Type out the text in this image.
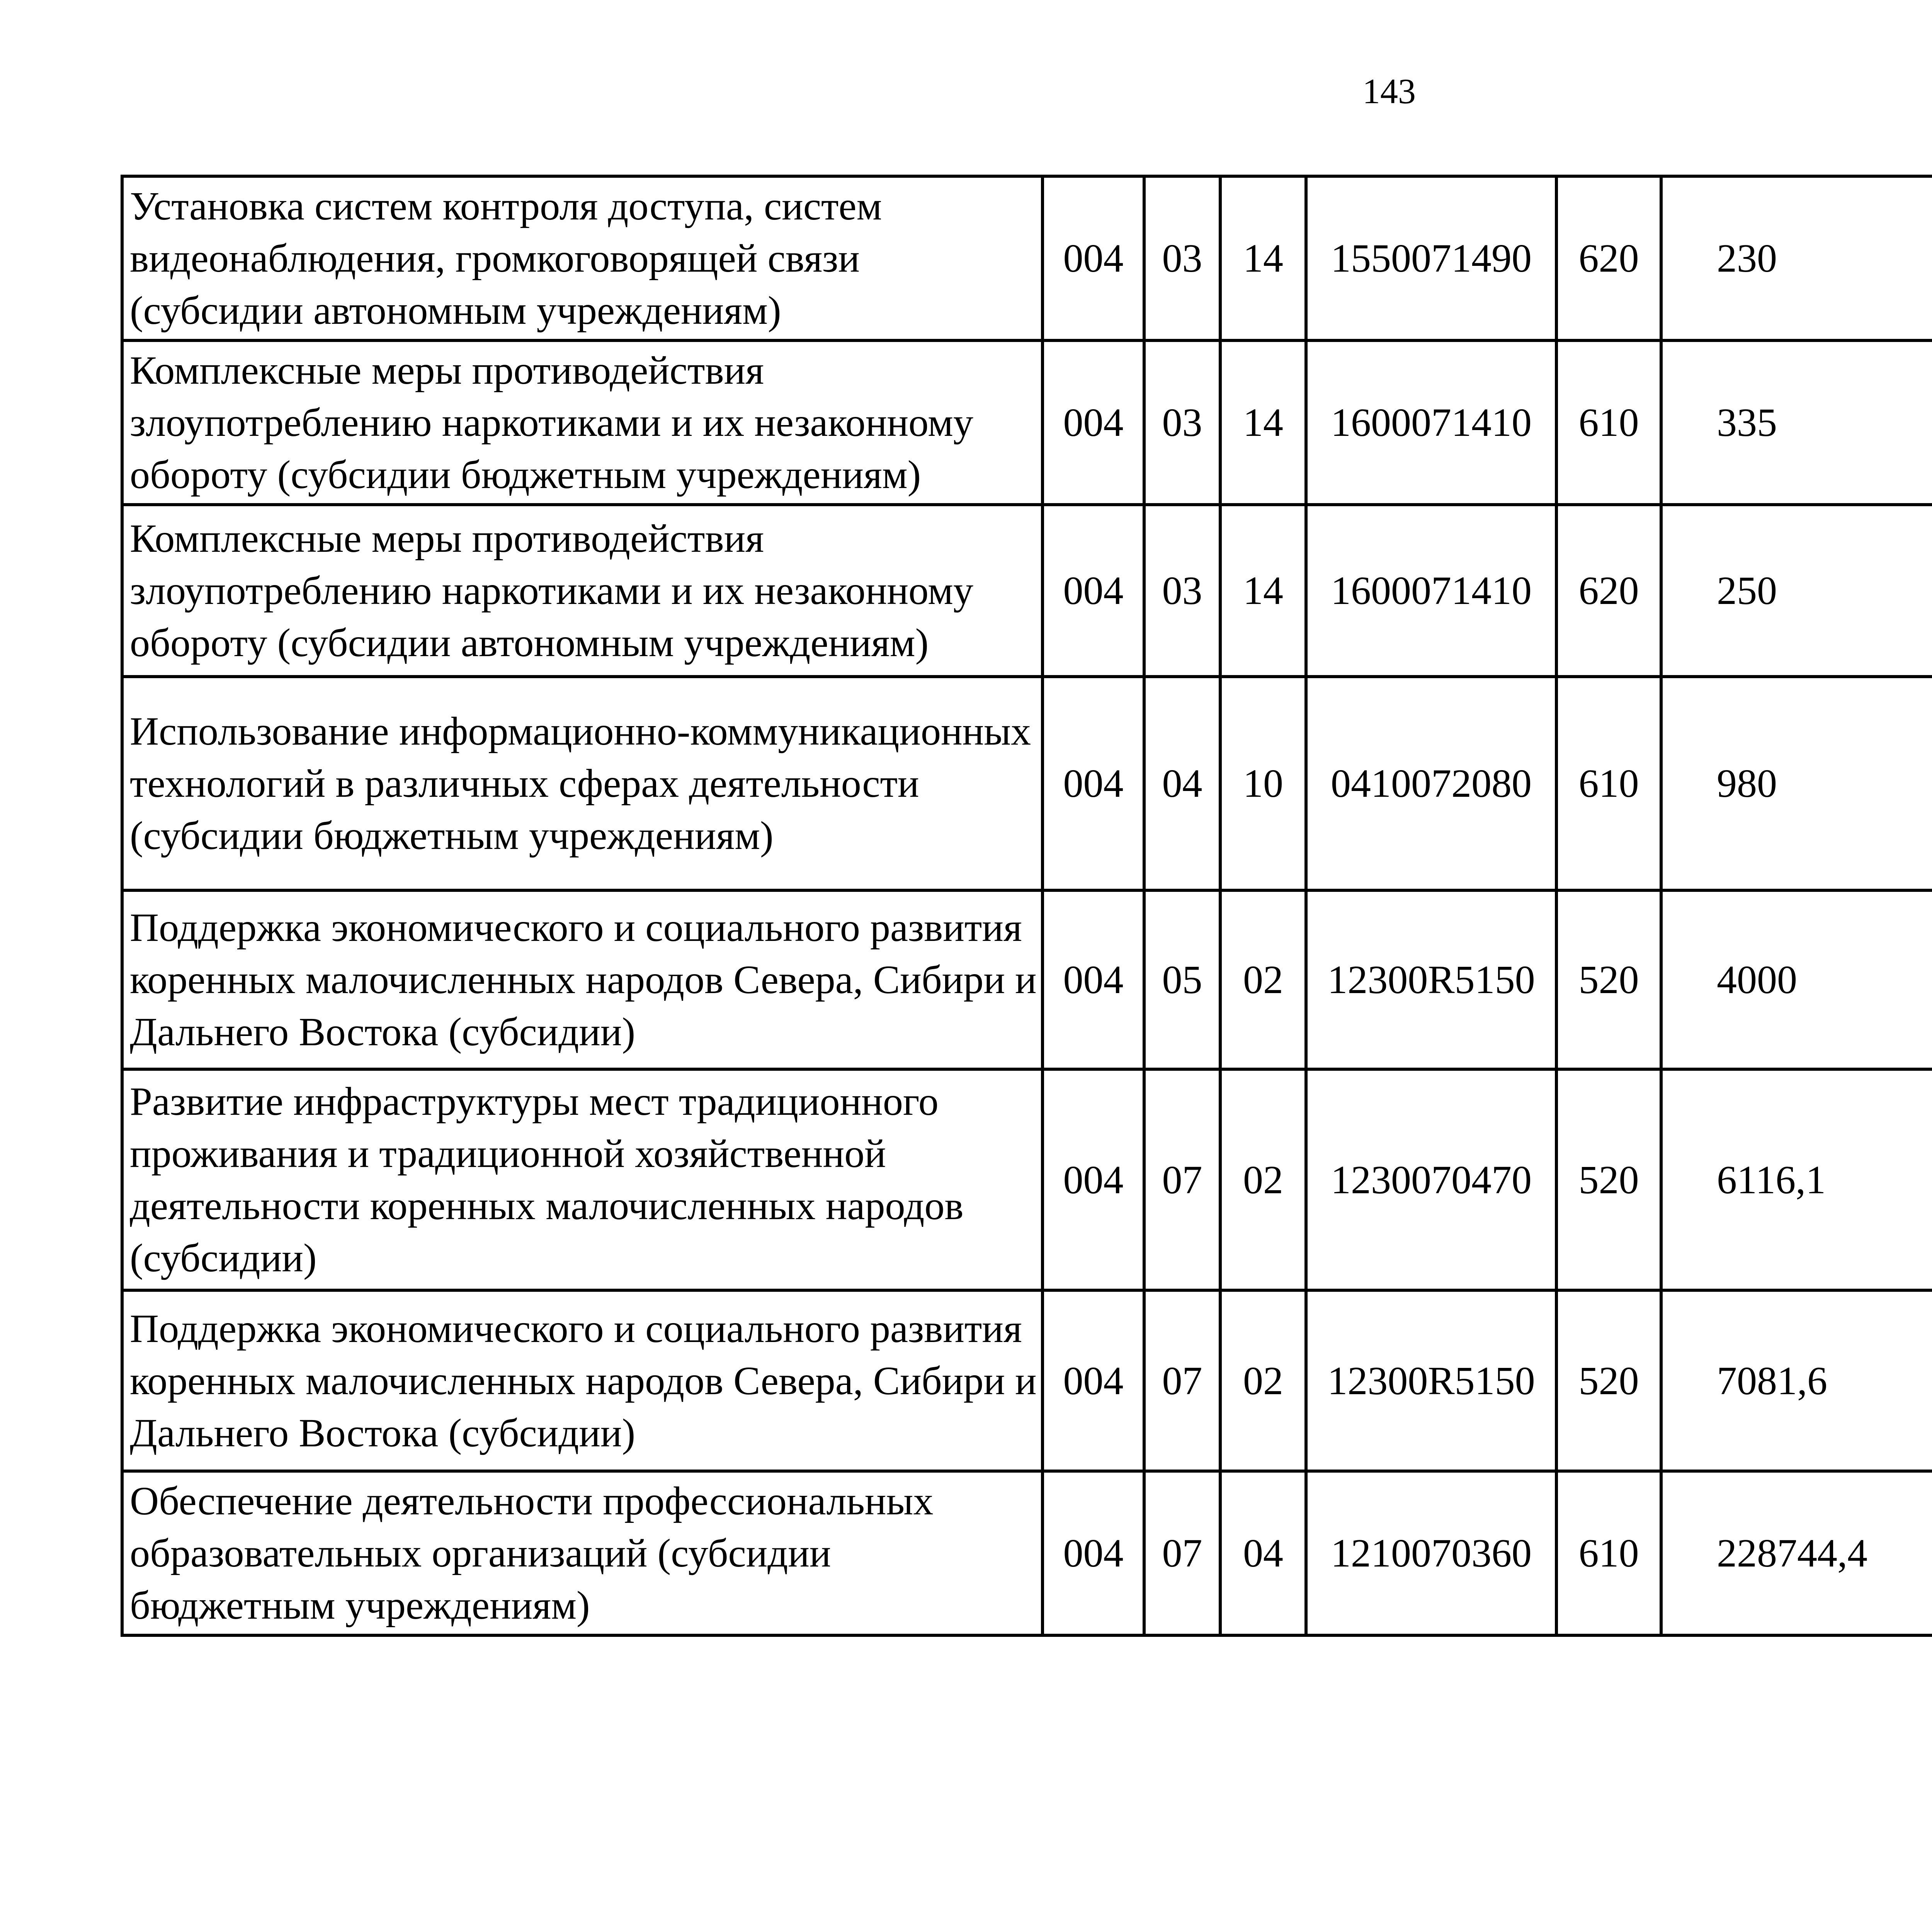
143
Установка систем контроля доступа, систем видеонаблюдения, громкоговорящей связи (субсидии автономным учреждениям)	004	03	14	1550071490	620	230		
Комплексные меры противодействия злоупотреблению наркотиками и их незаконному обороту (субсидии бюджетным учреждениям)	004	03	14	1600071410	610	335		
Комплексные меры противодействия злоупотреблению наркотиками и их незаконному обороту (субсидии автономным учреждениям)	004	03	14	1600071410	620	250		
Использование информационно-коммуникационных технологий в различных сферах деятельности (субсидии бюджетным учреждениям)	004	04	10	0410072080	610	980		
Поддержка экономического и социального развития коренных малочисленных народов Севера, Сибири и Дальнего Востока (субсидии)	004	05	02	12300R5150	520	4000		
Развитие инфраструктуры мест традиционного проживания и традиционной хозяйственной деятельности коренных малочисленных народов (субсидии)	004	07	02	1230070470	520	6116,1		
Поддержка экономического и социального развития коренных малочисленных народов Севера, Сибири и Дальнего Востока (субсидии)	004	07	02	12300R5150	520	7081,6		
Обеспечение деятельности профессиональных образовательных организаций (субсидии бюджетным учреждениям)	004	07	04	1210070360	610	228744,4		
